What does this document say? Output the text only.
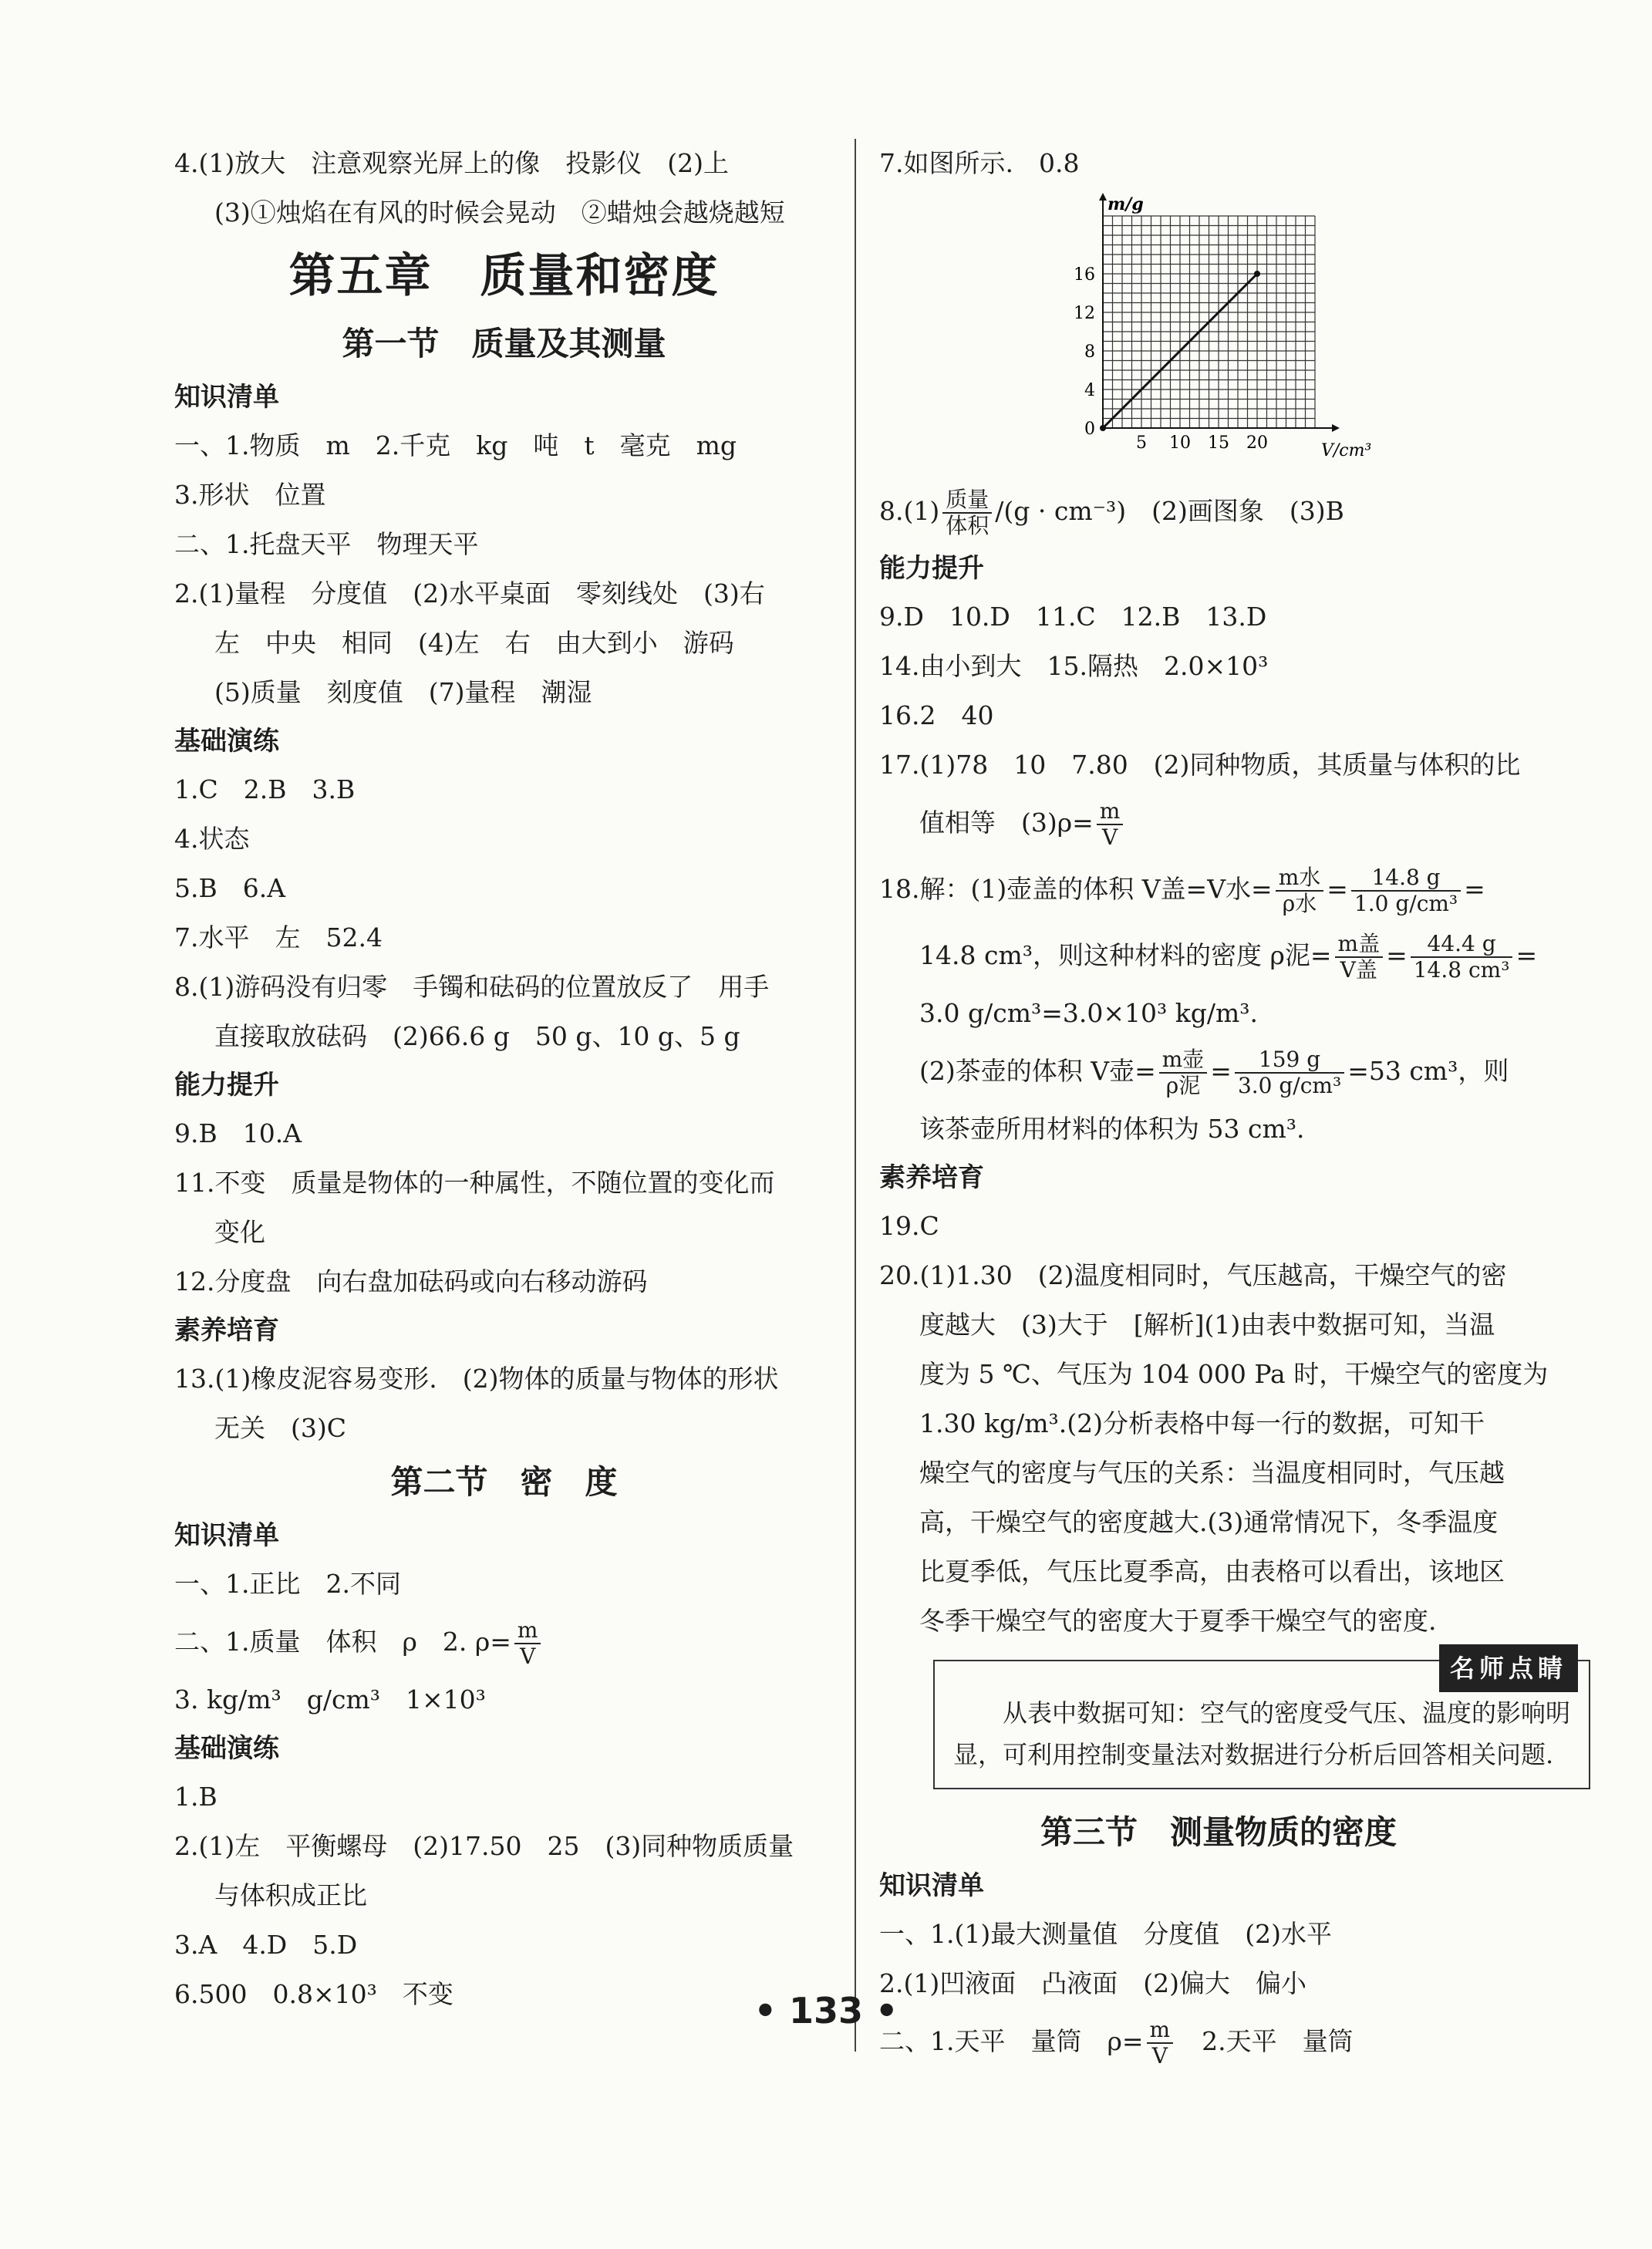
4.(1)放大　注意观察光屏上的像　投影仪　(2)上
(3)①烛焰在有风的时候会晃动　②蜡烛会越烧越短
第五章　质量和密度
第一节　质量及其测量
知识清单
一、1.物质　m　2.千克　kg　吨　t　毫克　mg
3.形状　位置
二、1.托盘天平　物理天平
2.(1)量程　分度值　(2)水平桌面　零刻线处　(3)右
左　中央　相同　(4)左　右　由大到小　游码
(5)质量　刻度值　(7)量程　潮湿
基础演练
1.C　2.B　3.B
4.状态
5.B　6.A
7.水平　左　52.4
8.(1)游码没有归零　手镯和砝码的位置放反了　用手
直接取放砝码　(2)66.6 g　50 g、10 g、5 g
能力提升
9.B　10.A
11.不变　质量是物体的一种属性，不随位置的变化而
变化
12.分度盘　向右盘加砝码或向右移动游码
素养培育
13.(1)橡皮泥容易变形.　(2)物体的质量与物体的形状
无关　(3)C
第二节　密　度
知识清单
一、1.正比　2.不同
二、1.质量　体积　ρ　2. $\rho= \frac{m}{V}$
3. kg/m³　g/cm³　1×10³
基础演练
1.B
2.(1)左　平衡螺母　(2)17.50　25　(3)同种物质质量
与体积成正比
3.A　4.D　5.D
6.500　0.8×10³　不变
7.如图所示.　0.8
5 10 15 20
0
4
8
12
16
V/cm³
m/g
$8.(1) \frac{\text{质量}}{\text{体积}} /(g \cdot cm^{-3})$　(2)画图象　(3)B
能力提升
9.D　10.D　11.C　12.B　13.D
14.由小到大　15.隔热　2.0×10³
16.2　40
17.(1)78　10　7.80　(2)同种物质，其质量与体积的比
值相等　$(3)\rho= \frac{m}{V}$
18.解：(1)壶盖的体积 V盖=V水= $\frac{\text{m水}}{\text{ρ水}} = \frac{14.8 g}{\text{1.0 g/cm³}}$ =
14.8 cm³，则这种材料的密度 ρ泥= $\frac{\text{m盖}}{\text{V盖}} = \frac{44.4 g}{\text{14.8 cm³}}$ =
3.0 g/cm³=3.0×10³ kg/m³.
(2)茶壶的体积 V壶= $\frac{\text{m壶}}{\text{ρ泥}} = \frac{159 g}{\text{3.0 g/cm³}} =53$ cm³，则
该茶壶所用材料的体积为 53 cm³.
素养培育
19.C
20.(1)1.30　(2)温度相同时，气压越高，干燥空气的密
度越大　(3)大于　[解析](1)由表中数据可知，当温
度为 5 ℃、气压为 104 000 Pa 时，干燥空气的密度为
1.30 kg/m³.(2)分析表格中每一行的数据，可知干
燥空气的密度与气压的关系：当温度相同时，气压越
高，干燥空气的密度越大.(3)通常情况下，冬季温度
比夏季低，气压比夏季高，由表格可以看出，该地区
冬季干燥空气的密度大于夏季干燥空气的密度.
名师点睛

从表中数据可知：空气的密度受气压、温度的影响明显，可利用控制变量法对数据进行分析后回答相关问题.

第三节　测量物质的密度
知识清单
一、1.(1)最大测量值　分度值　(2)水平
2.(1)凹液面　凸液面　(2)偏大　偏小
二、1.天平　量筒　$\rho= \frac{m}{V}$ 　2.天平　量筒
• 133 •
